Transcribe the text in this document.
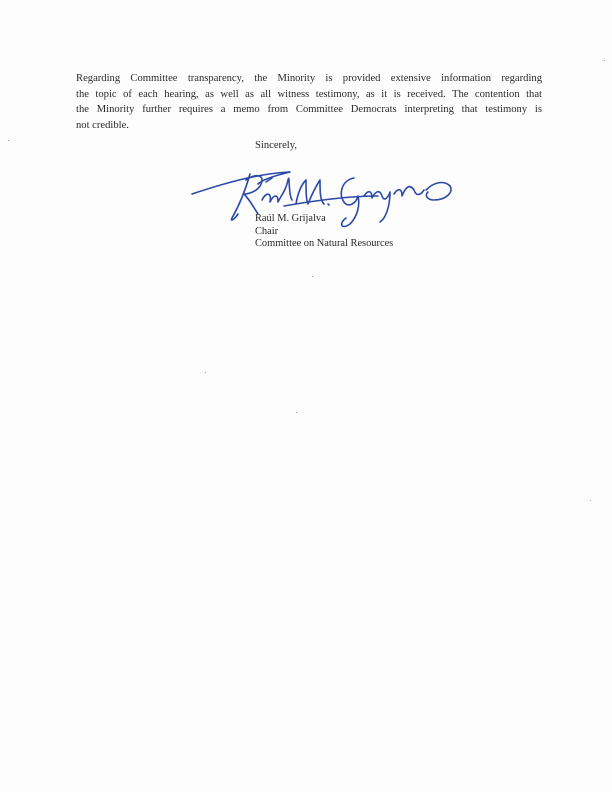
Regarding Committee transparency, the Minority is provided extensive information regarding
the topic of each hearing, as well as all witness testimony, as it is received. The contention that
the Minority further requires a memo from Committee Democrats interpreting that testimony is
not credible.

Sincerely,

Raúl M. Grijalva
Chair
Committee on Natural Resources
